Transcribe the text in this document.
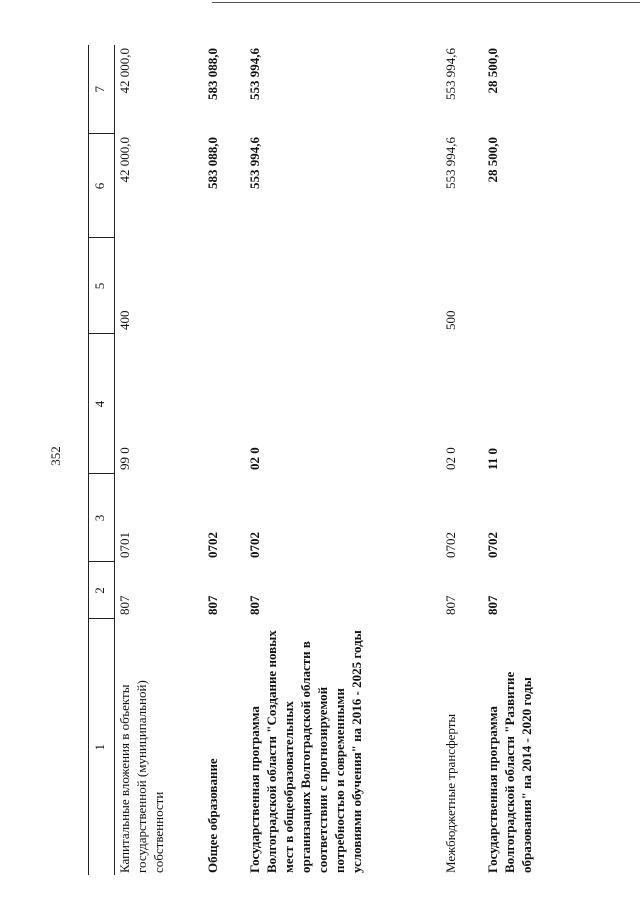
352
1	2	3	4	5	6	7
Капитальные вложения в объекты государственной (муниципальной) собственности	807	0701	99 0	400	42 000,0	42 000,0
Общее образование	807	0702			583 088,0	583 088,0
Государственная программа Волгоградской области "Создание новых мест в общеобразовательных организациях Волгоградской области в соответствии с прогнозируемой потребностью и современными условиями обучения" на 2016 - 2025 годы	807	0702	02 0		553 994,6	553 994,6
Межбюджетные трансферты	807	0702	02 0	500	553 994,6	553 994,6
Государственная программа Волгоградской области "Развитие образования" на 2014 - 2020 годы	807	0702	11 0		28 500,0	28 500,0
